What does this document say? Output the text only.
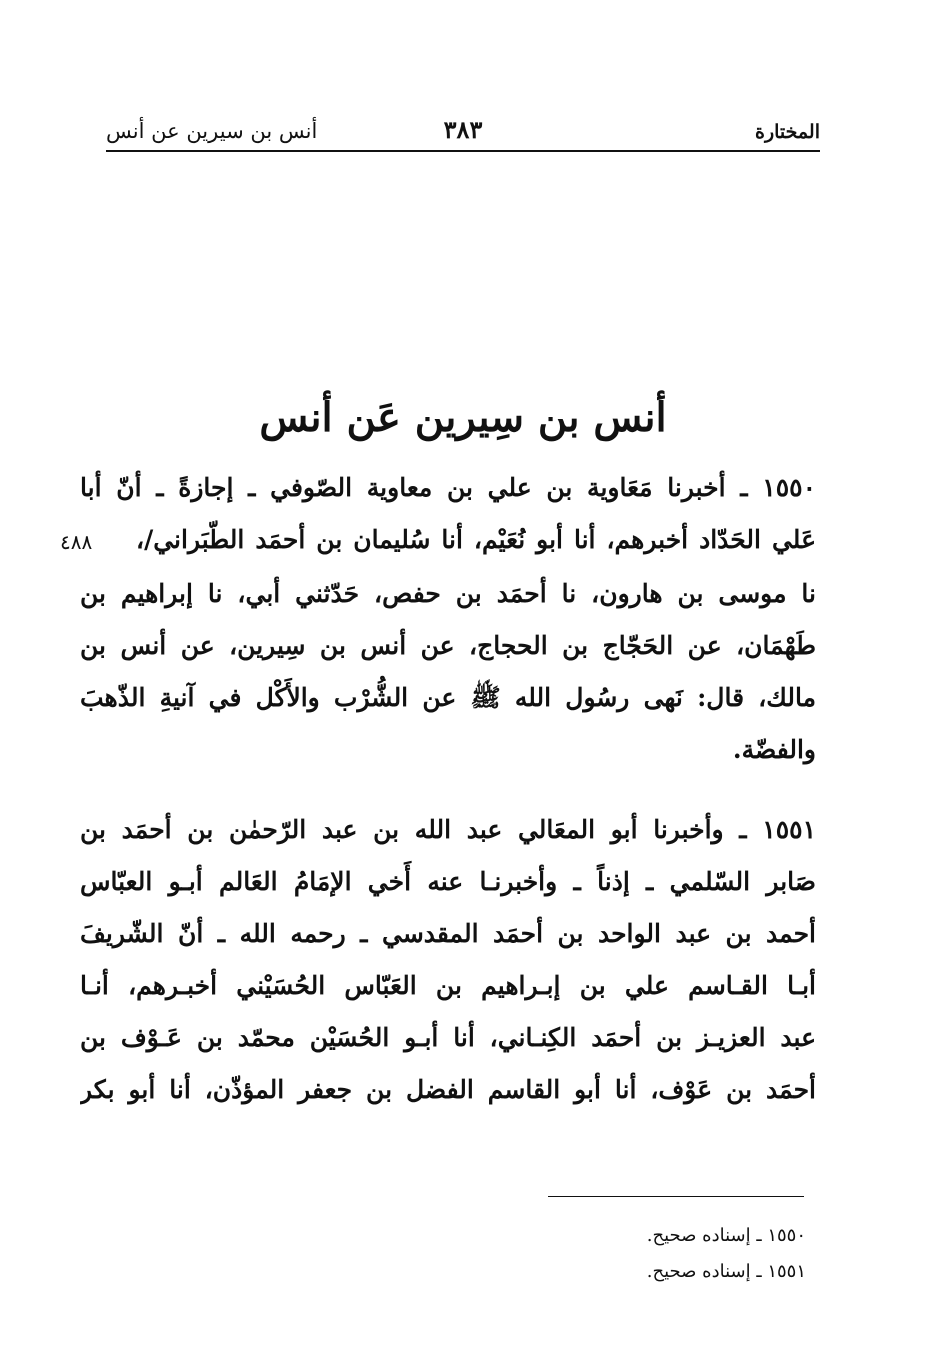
المختارة
٣٨٣
أنس بن سيرين عن أنس
أنس بن سِيرين عَن أنس
١٥٥٠ ـ أخبرنا مَعَاوية بن علي بن معاوية الصّوفي ـ إجازةً ـ أنّ أبا
عَلي الحَدّاد أخبرهم، أنا أبو نُعَيْم، أنا سُليمان بن أحمَد الطّبَراني/،
٤٨٨
نا موسى بن هارون، نا أحمَد بن حفص، حَدّثني أبي، نا إبراهيم بن
طَهْمَان، عن الحَجّاج بن الحجاج، عن أنس بن سِيرين، عن أنس بن
مالك، قال: نَهى رسُول الله ﷺ عن الشُّرْب والأَكْل في آنيةِ الذّهبَ
والفضّة.
١٥٥١ ـ وأخبرنا أبو المعَالي عبد الله بن عبد الرّحمٰن بن أحمَد بن
صَابر السّلمي ـ إذناً ـ وأخبرنـا عنه أَخي الإمَامُ العَالم أبـو العبّاس
أحمد بن عبد الواحد بن أحمَد المقدسي ـ رحمه الله ـ أنّ الشّريفَ
أبـا القـاسم علي بن إبـراهيم بن العَبّاس الحُسَيْني أخبـرهم، أنـا
عبد العزيـز بن أحمَد الكِنـاني، أنا أبـو الحُسَيْن محمّد بن عَـوْف بن
أحمَد بن عَوْف، أنا أبو القاسم الفضل بن جعفر المؤذّن، أنا أبو بكر
١٥٥٠ ـ إسناده صحيح.
١٥٥١ ـ إسناده صحيح.
